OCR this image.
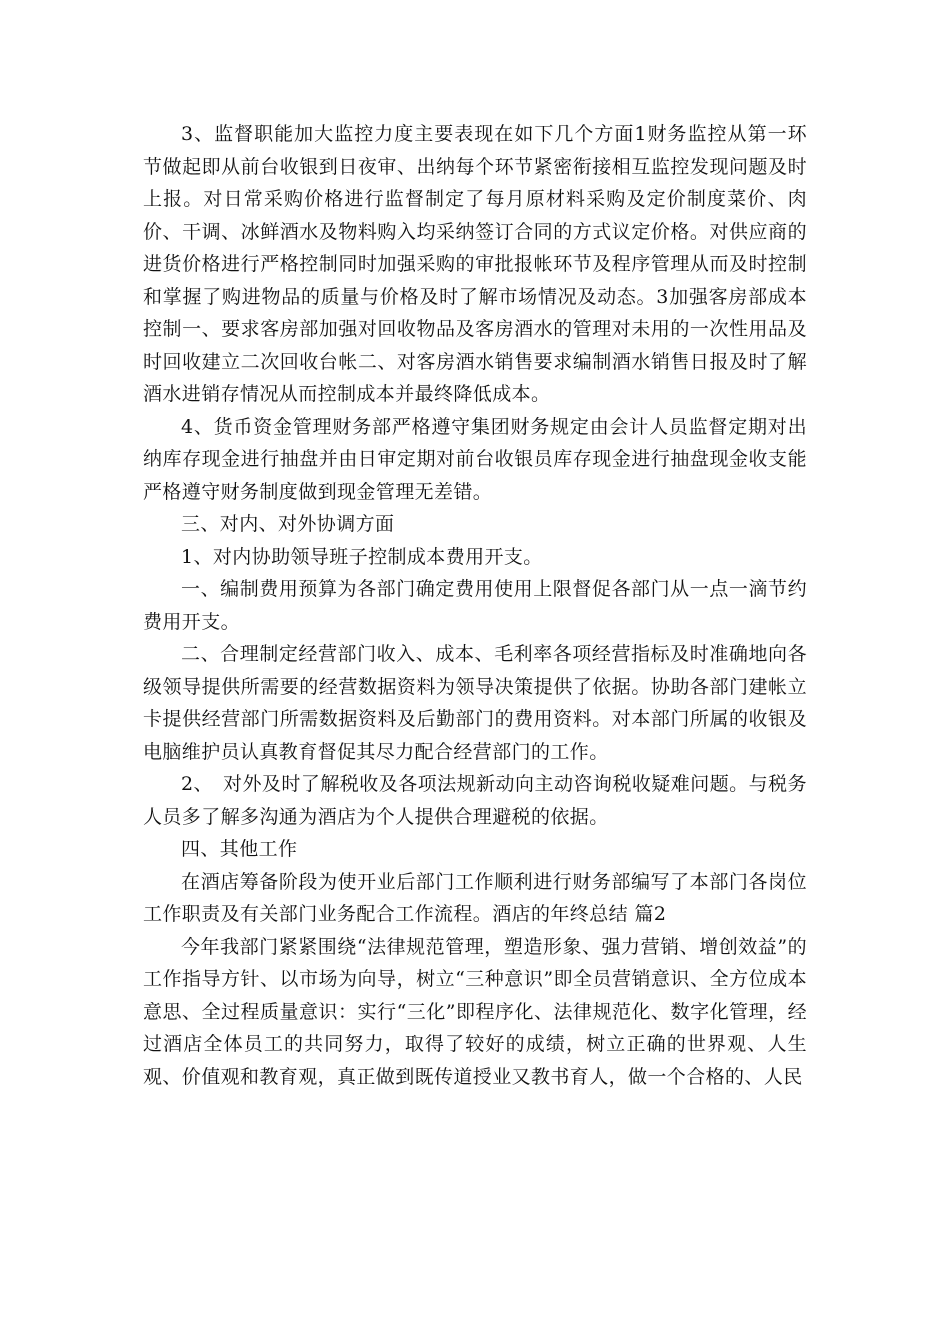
3、监督职能加大监控力度主要表现在如下几个方面1财务监控从第一环节做起即从前台收银到日夜审、出纳每个环节紧密衔接相互监控发现问题及时上报。对日常采购价格进行监督制定了每月原材料采购及定价制度菜价、肉价、干调、冰鲜酒水及物料购入均采纳签订合同的方式议定价格。对供应商的进货价格进行严格控制同时加强采购的审批报帐环节及程序管理从而及时控制和掌握了购进物品的质量与价格及时了解市场情况及动态。3加强客房部成本控制一、要求客房部加强对回收物品及客房酒水的管理对未用的一次性用品及时回收建立二次回收台帐二、对客房酒水销售要求编制酒水销售日报及时了解酒水进销存情况从而控制成本并最终降低成本。

4、货币资金管理财务部严格遵守集团财务规定由会计人员监督定期对出纳库存现金进行抽盘并由日审定期对前台收银员库存现金进行抽盘现金收支能严格遵守财务制度做到现金管理无差错。

三、对内、对外协调方面

1、对内协助领导班子控制成本费用开支。

一、编制费用预算为各部门确定费用使用上限督促各部门从一点一滴节约费用开支。

二、合理制定经营部门收入、成本、毛利率各项经营指标及时准确地向各级领导提供所需要的经营数据资料为领导决策提供了依据。协助各部门建帐立卡提供经营部门所需数据资料及后勤部门的费用资料。对本部门所属的收银及电脑维护员认真教育督促其尽力配合经营部门的工作。

2、　对外及时了解税收及各项法规新动向主动咨询税收疑难问题。与税务人员多了解多沟通为酒店为个人提供合理避税的依据。

四、其他工作

在酒店筹备阶段为使开业后部门工作顺利进行财务部编写了本部门各岗位工作职责及有关部门业务配合工作流程。酒店的年终总结 篇2

今年我部门紧紧围绕“法律规范管理，塑造形象、强力营销、增创效益”的工作指导方针、以市场为向导，树立“三种意识”即全员营销意识、全方位成本意思、全过程质量意识：实行“三化”即程序化、法律规范化、数字化管理，经过酒店全体员工的共同努力，取得了较好的成绩，树立正确的世界观、人生观、价值观和教育观，真正做到既传道授业又教书育人，做一个合格的、人民
